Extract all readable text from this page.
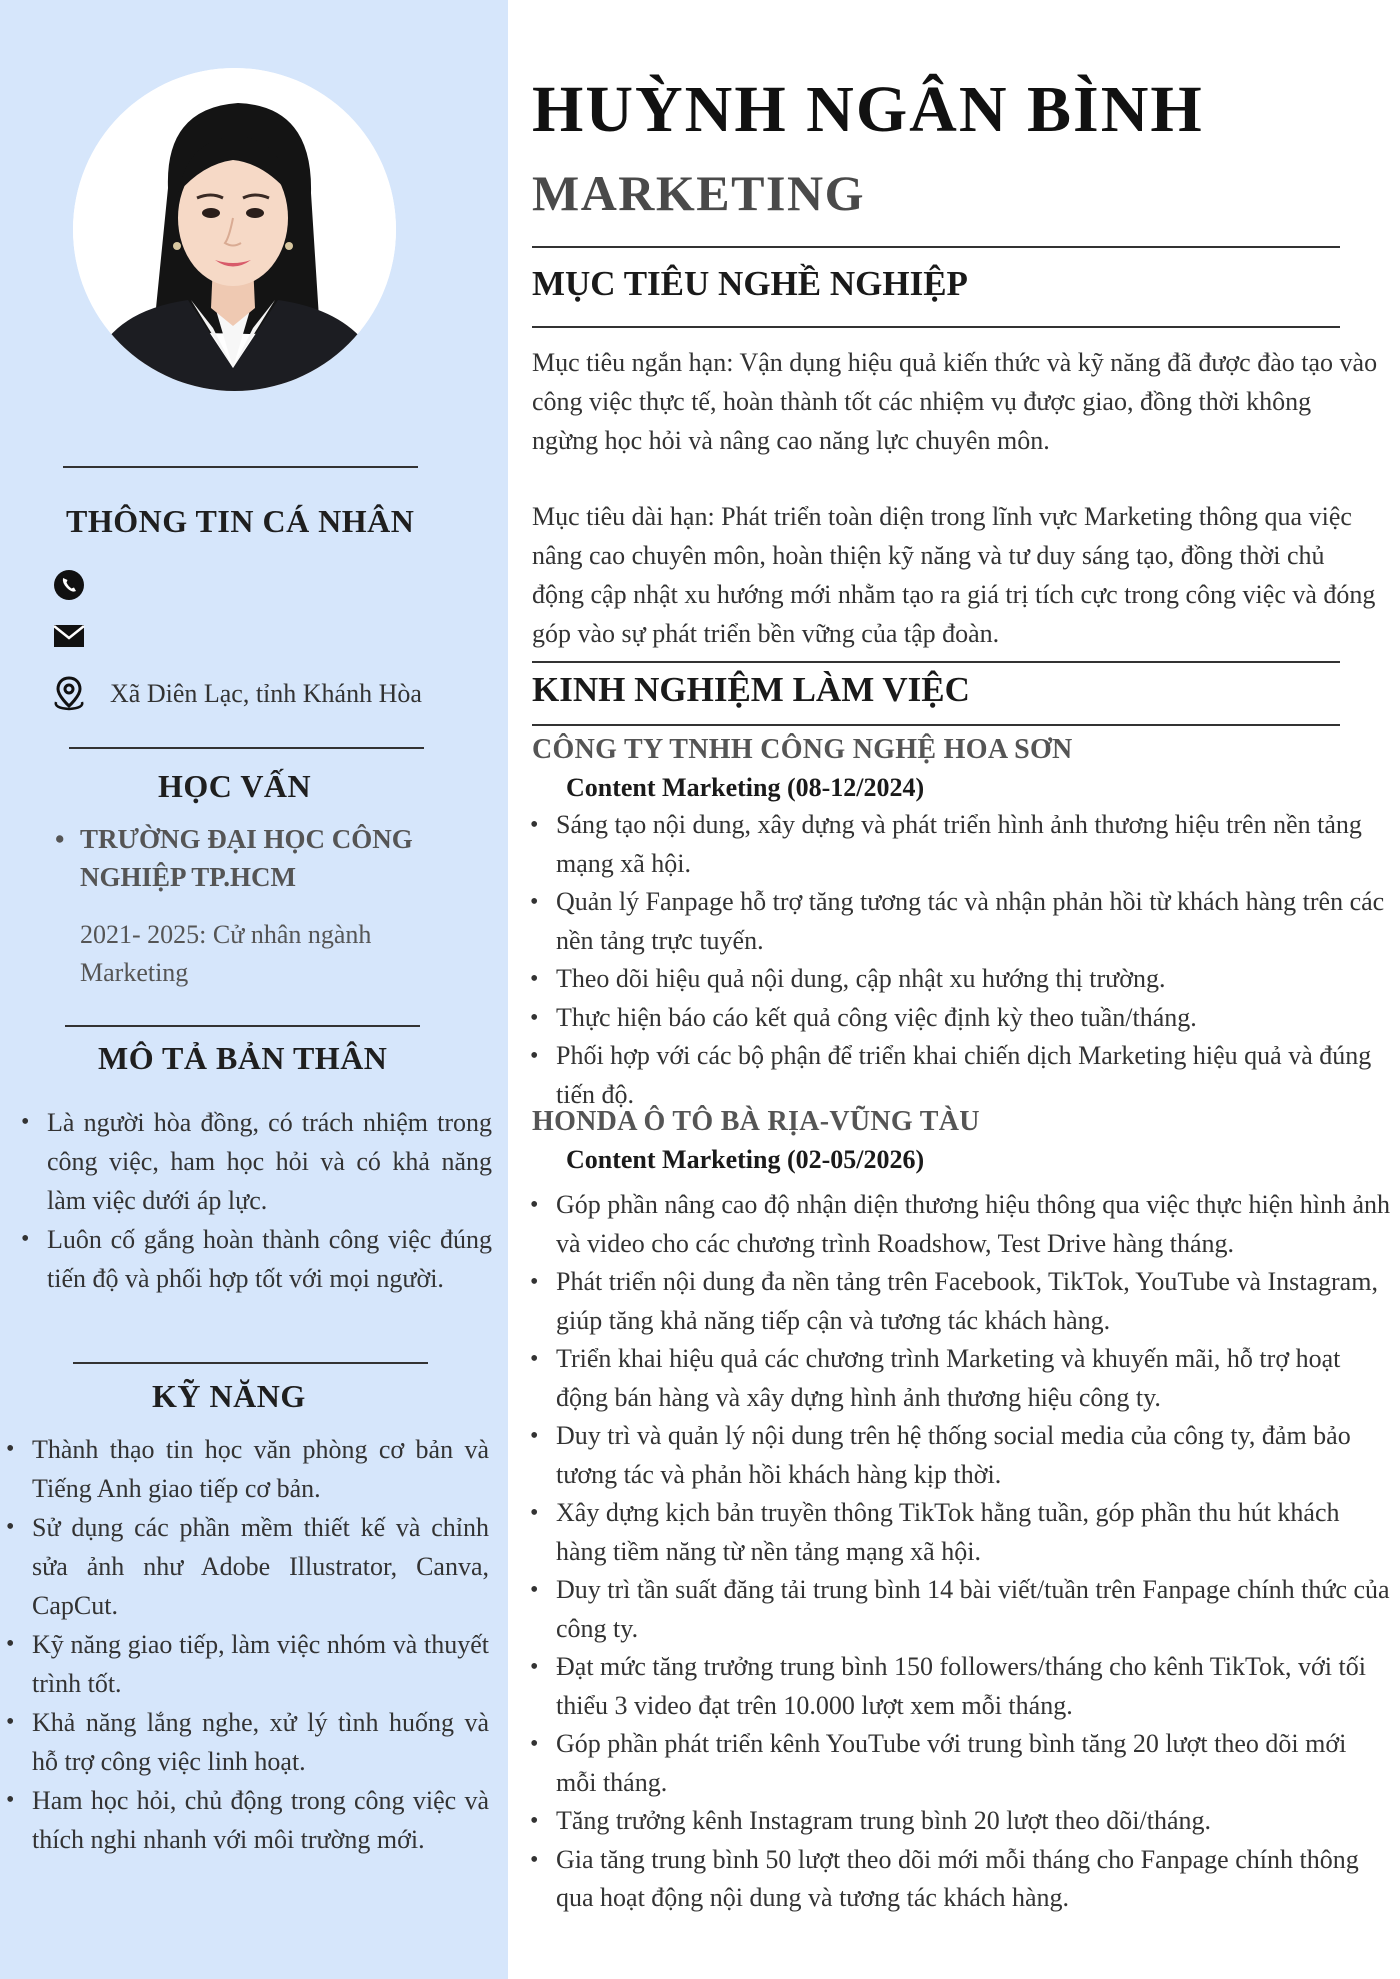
THÔNG TIN CÁ NHÂN
Xã Diên Lạc, tỉnh Khánh Hòa
HỌC VẤN
• TRƯỜNG ĐẠI HỌC CÔNG NGHIỆP TP.HCM
2021- 2025: Cử nhân ngành Marketing
MÔ TẢ BẢN THÂN
• Là người hòa đồng, có trách nhiệm trong công việc, ham học hỏi và có khả năng làm việc dưới áp lực.
• Luôn cố gắng hoàn thành công việc đúng tiến độ và phối hợp tốt với mọi người.
KỸ NĂNG
• Thành thạo tin học văn phòng cơ bản và Tiếng Anh giao tiếp cơ bản.
• Sử dụng các phần mềm thiết kế và chỉnh sửa ảnh như Adobe Illustrator, Canva, CapCut.
• Kỹ năng giao tiếp, làm việc nhóm và thuyết trình tốt.
• Khả năng lắng nghe, xử lý tình huống và hỗ trợ công việc linh hoạt.
• Ham học hỏi, chủ động trong công việc và thích nghi nhanh với môi trường mới.
HUỲNH NGÂN BÌNH
MARKETING
MỤC TIÊU NGHỀ NGHIỆP
Mục tiêu ngắn hạn: Vận dụng hiệu quả kiến thức và kỹ năng đã được đào tạo vào công việc thực tế, hoàn thành tốt các nhiệm vụ được giao, đồng thời không ngừng học hỏi và nâng cao năng lực chuyên môn.
Mục tiêu dài hạn: Phát triển toàn diện trong lĩnh vực Marketing thông qua việc nâng cao chuyên môn, hoàn thiện kỹ năng và tư duy sáng tạo, đồng thời chủ động cập nhật xu hướng mới nhằm tạo ra giá trị tích cực trong công việc và đóng góp vào sự phát triển bền vững của tập đoàn.
KINH NGHIỆM LÀM VIỆC
CÔNG TY TNHH CÔNG NGHỆ HOA SƠN
Content Marketing (08-12/2024)
• Sáng tạo nội dung, xây dựng và phát triển hình ảnh thương hiệu trên nền tảng mạng xã hội.
• Quản lý Fanpage hỗ trợ tăng tương tác và nhận phản hồi từ khách hàng trên các nền tảng trực tuyến.
• Theo dõi hiệu quả nội dung, cập nhật xu hướng thị trường.
• Thực hiện báo cáo kết quả công việc định kỳ theo tuần/tháng.
• Phối hợp với các bộ phận để triển khai chiến dịch Marketing hiệu quả và đúng tiến độ.
HONDA Ô TÔ BÀ RỊA-VŨNG TÀU
Content Marketing (02-05/2026)
• Góp phần nâng cao độ nhận diện thương hiệu thông qua việc thực hiện hình ảnh và video cho các chương trình Roadshow, Test Drive hàng tháng.
• Phát triển nội dung đa nền tảng trên Facebook, TikTok, YouTube và Instagram, giúp tăng khả năng tiếp cận và tương tác khách hàng.
• Triển khai hiệu quả các chương trình Marketing và khuyến mãi, hỗ trợ hoạt động bán hàng và xây dựng hình ảnh thương hiệu công ty.
• Duy trì và quản lý nội dung trên hệ thống social media của công ty, đảm bảo tương tác và phản hồi khách hàng kịp thời.
• Xây dựng kịch bản truyền thông TikTok hằng tuần, góp phần thu hút khách hàng tiềm năng từ nền tảng mạng xã hội.
• Duy trì tần suất đăng tải trung bình 14 bài viết/tuần trên Fanpage chính thức của công ty.
• Đạt mức tăng trưởng trung bình 150 followers/tháng cho kênh TikTok, với tối thiểu 3 video đạt trên 10.000 lượt xem mỗi tháng.
• Góp phần phát triển kênh YouTube với trung bình tăng 20 lượt theo dõi mới mỗi tháng.
• Tăng trưởng kênh Instagram trung bình 20 lượt theo dõi/tháng.
• Gia tăng trung bình 50 lượt theo dõi mới mỗi tháng cho Fanpage chính thông qua hoạt động nội dung và tương tác khách hàng.
